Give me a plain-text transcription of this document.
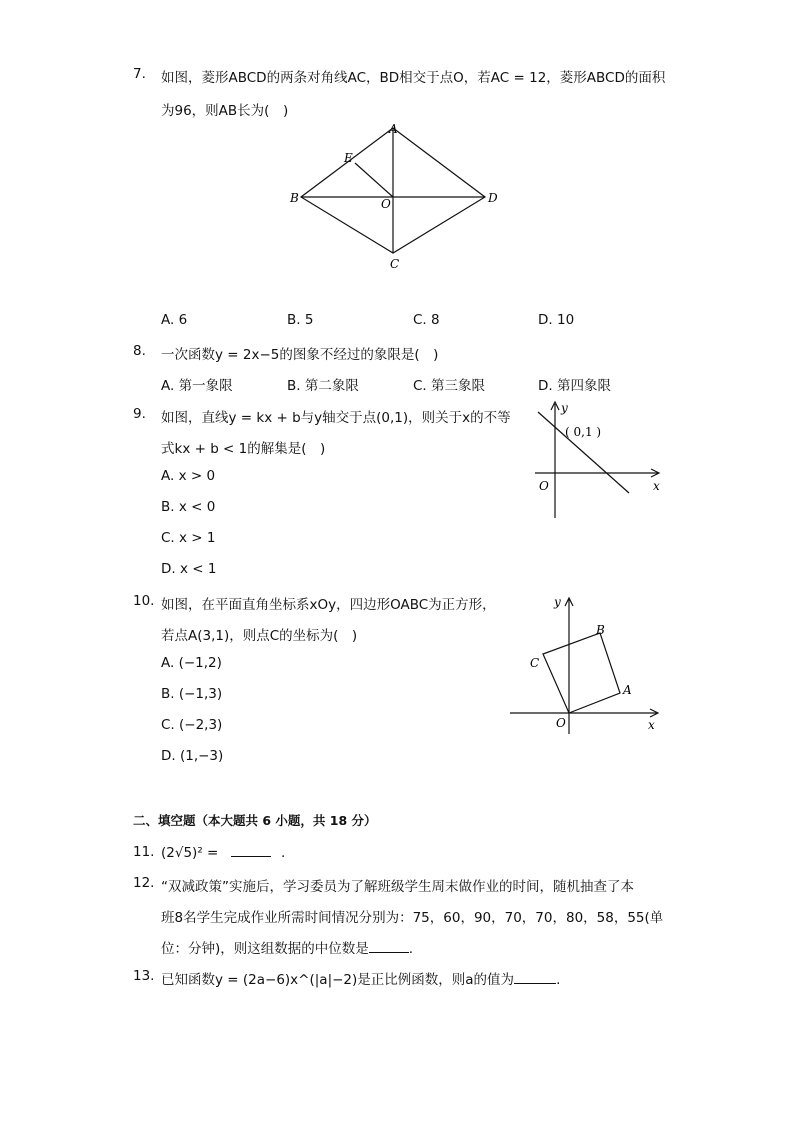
7. 如图，菱形ABCD的两条对角线AC，BD相交于点O，若AC = 12，菱形ABCD的面积
为96，则AB长为(　)
A
B
C
D
E
O
A. 6	B. 5	C. 8	D. 10
8. 一次函数y = 2x−5的图象不经过的象限是(　)
A. 第一象限	B. 第二象限	C. 第三象限	D. 第四象限
9. 如图，直线y = kx + b与y轴交于点(0,1)，则关于x的不等
式kx + b < 1的解集是(　)
A. x > 0
B. x < 0
C. x > 1
D. x < 1
y
x
O
( 0,1 )
10. 如图，在平面直角坐标系xOy，四边形OABC为正方形，
若点A(3,1)，则点C的坐标为(　)
A. (−1,2)
B. (−1,3)
C. (−2,3)
D. (1,−3)
y
x
O
A
B
C
二、填空题（本大题共 6 小题，共 18 分）
11. (2√5)² =	.
12. “双减政策”实施后，学习委员为了解班级学生周末做作业的时间，随机抽查了本
班8名学生完成作业所需时间情况分别为：75，60，90，70，70，80，58，55(单
位：分钟)，则这组数据的中位数是	.
13. 已知函数y = (2a−6)x^(|a|−2)是正比例函数，则a的值为	.
